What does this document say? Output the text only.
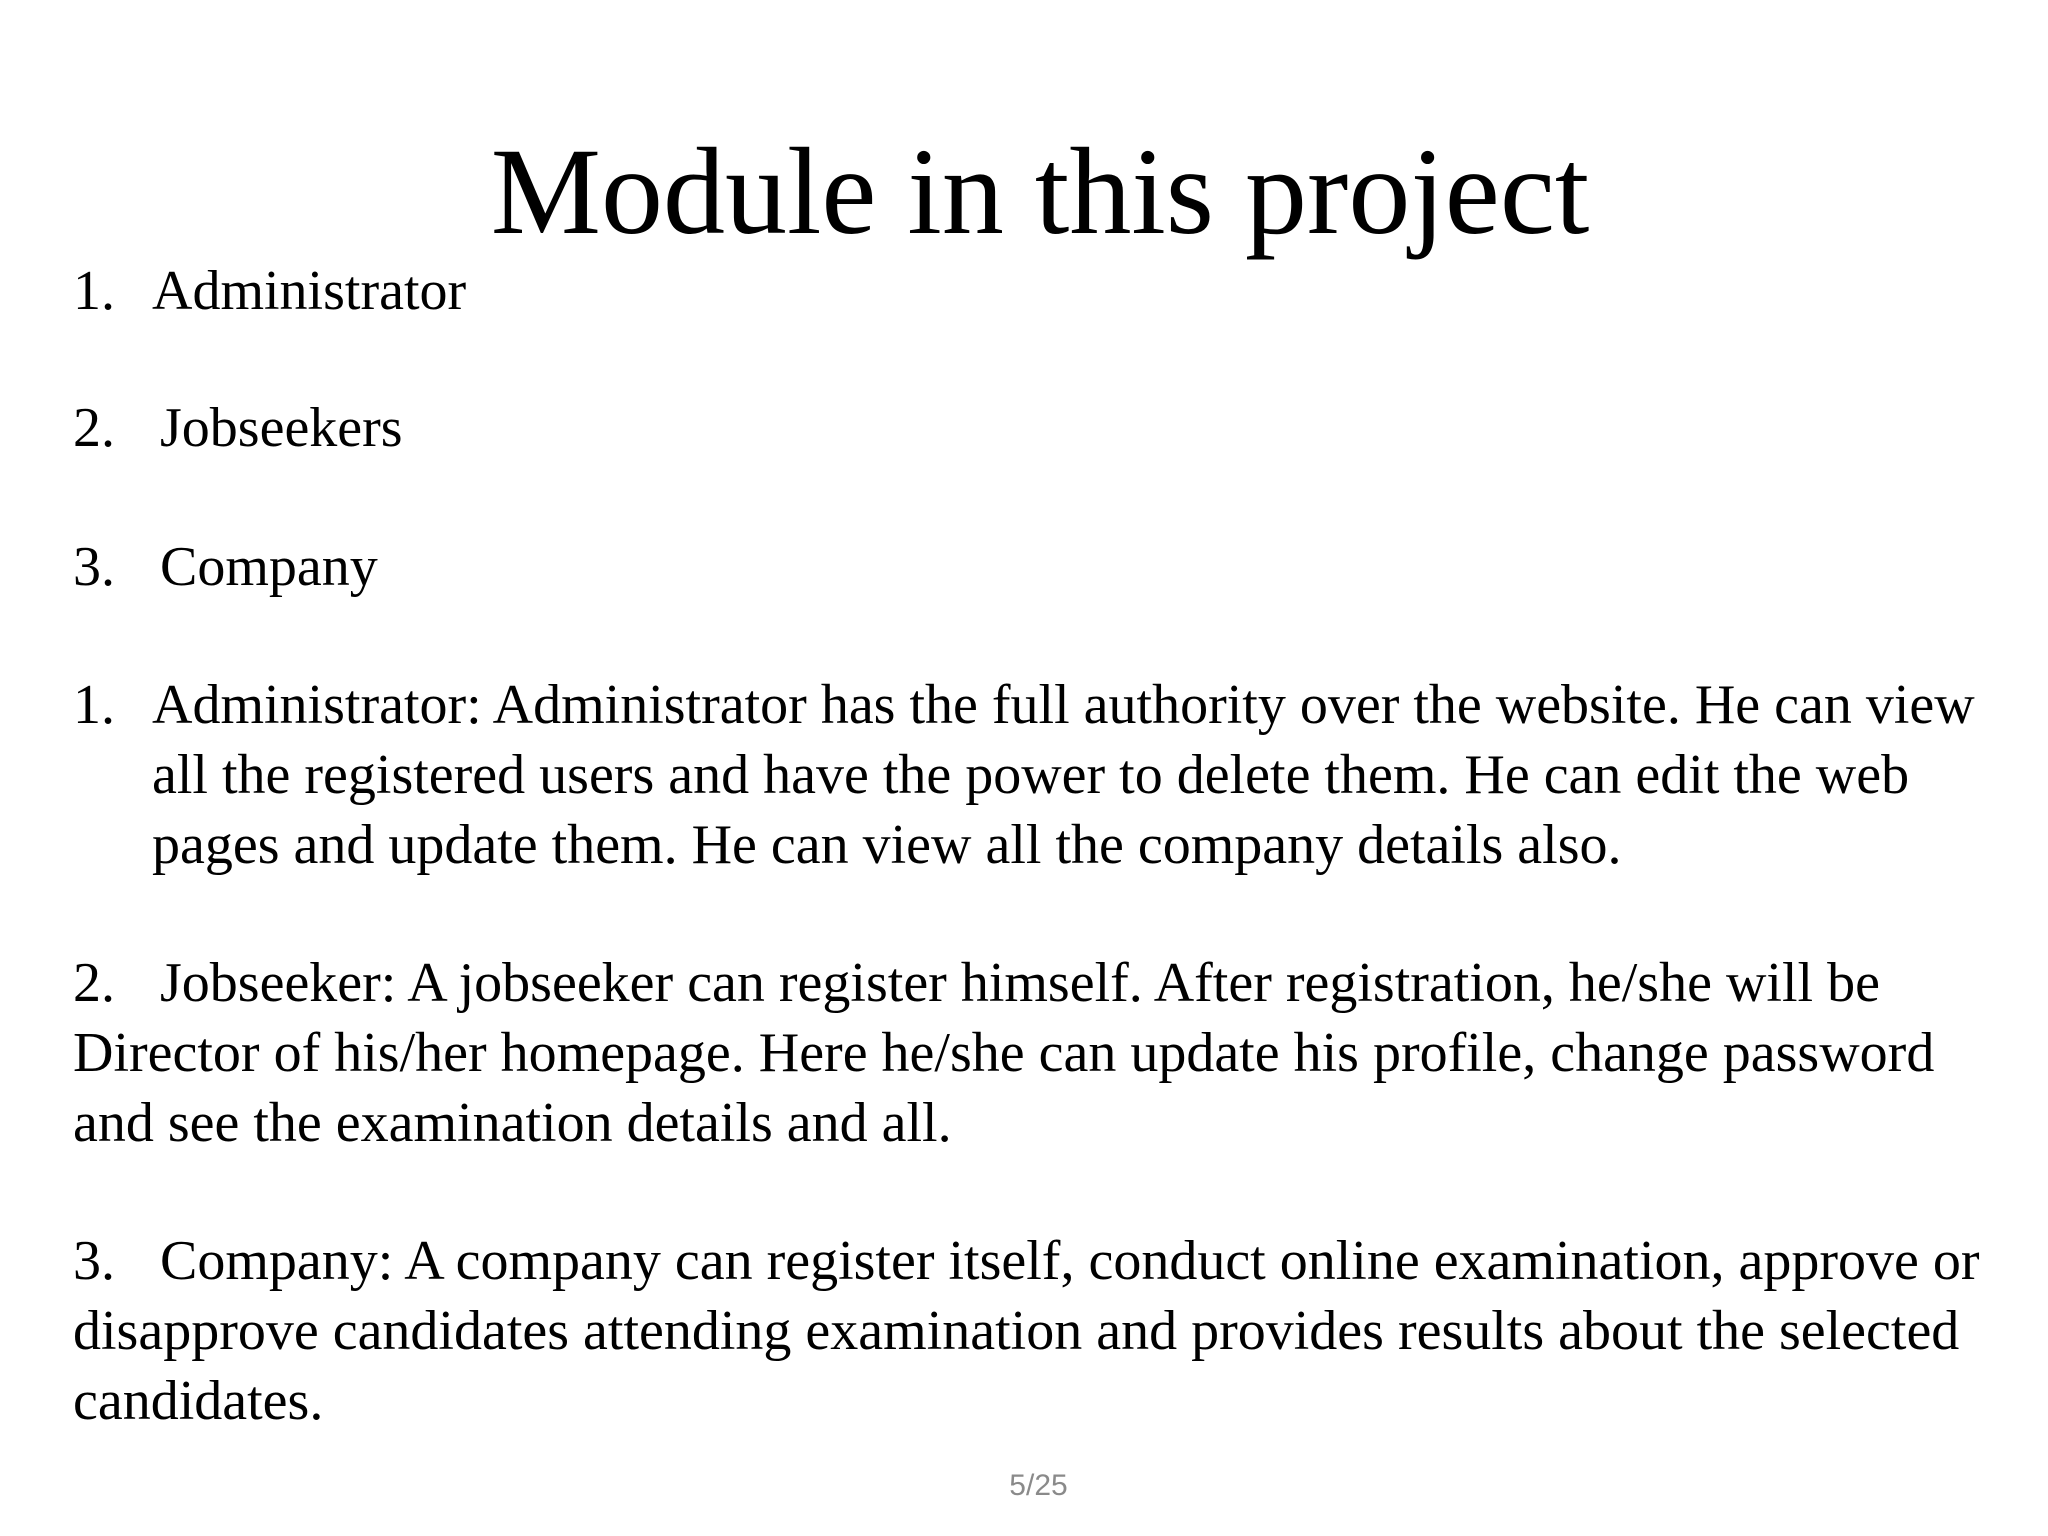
Module in this project
1. Administrator
2. Jobseekers
3. Company
1. Administrator: Administrator has the full authority over the website. He can view all the registered users and have the power to delete them. He can edit the web pages and update them. He can view all the company details also.
2. Jobseeker: A jobseeker can register himself. After registration, he/she will be Director of his/her homepage. Here he/she can update his profile, change password and see the examination details and all.
3. Company: A company can register itself, conduct online examination, approve or disapprove candidates attending examination and provides results about the selected candidates.
5/25
